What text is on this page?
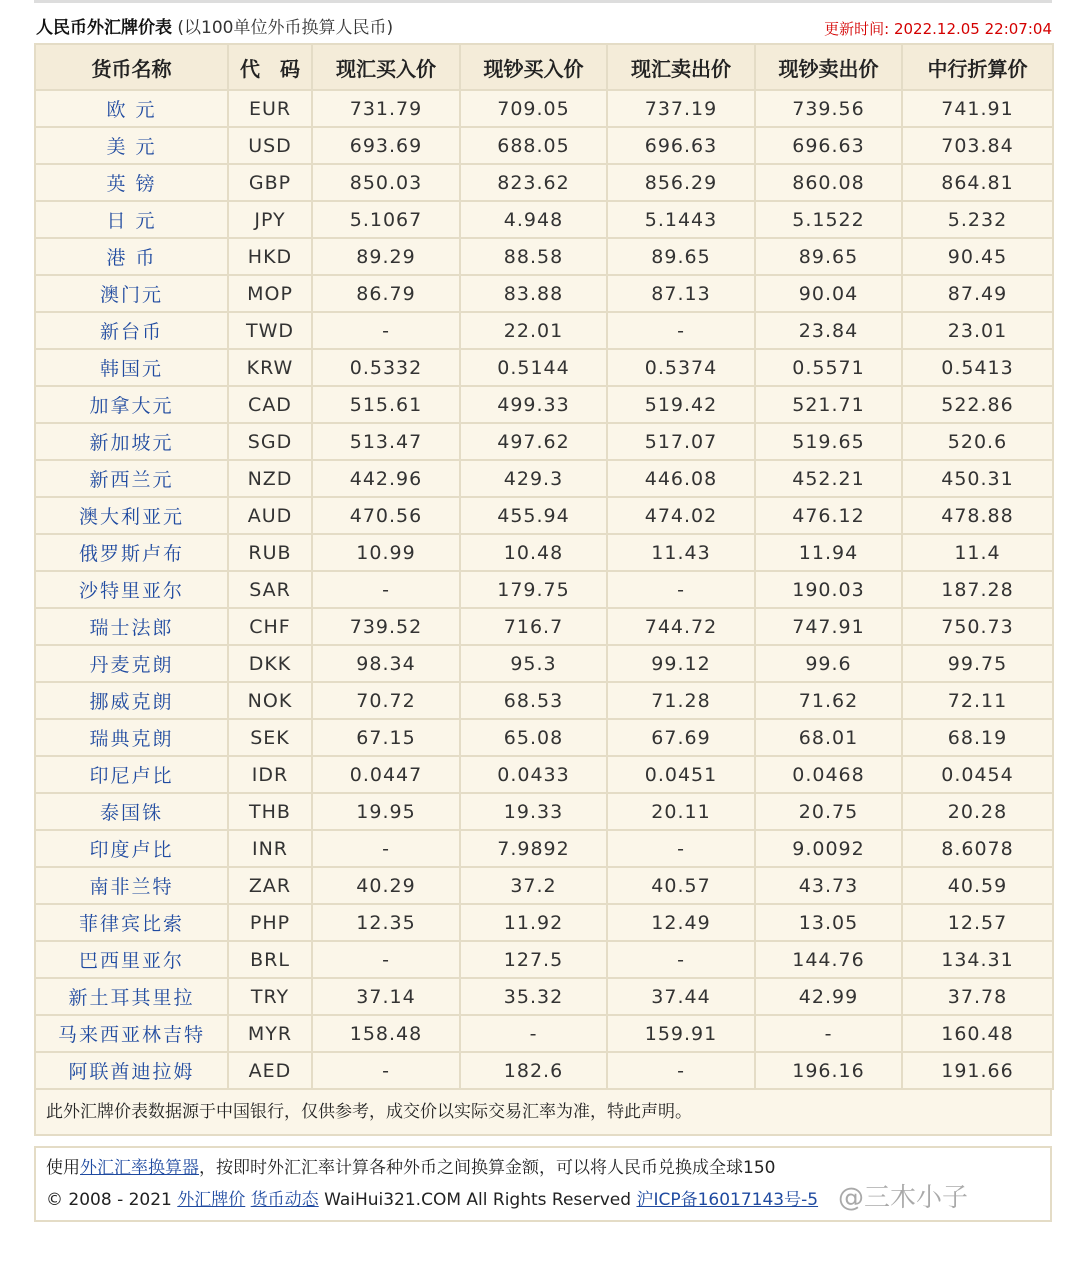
人民币外汇牌价表 (以100单位外币换算人民币)	更新时间: 2022.12.05 22:07:04
货币名称	代　码	现汇买入价	现钞买入价	现汇卖出价	现钞卖出价	中行折算价
欧 元	EUR	731.79	709.05	737.19	739.56	741.91
美 元	USD	693.69	688.05	696.63	696.63	703.84
英 镑	GBP	850.03	823.62	856.29	860.08	864.81
日 元	JPY	5.1067	4.948	5.1443	5.1522	5.232
港 币	HKD	89.29	88.58	89.65	89.65	90.45
澳门元	MOP	86.79	83.88	87.13	90.04	87.49
新台币	TWD	-	22.01	-	23.84	23.01
韩国元	KRW	0.5332	0.5144	0.5374	0.5571	0.5413
加拿大元	CAD	515.61	499.33	519.42	521.71	522.86
新加坡元	SGD	513.47	497.62	517.07	519.65	520.6
新西兰元	NZD	442.96	429.3	446.08	452.21	450.31
澳大利亚元	AUD	470.56	455.94	474.02	476.12	478.88
俄罗斯卢布	RUB	10.99	10.48	11.43	11.94	11.4
沙特里亚尔	SAR	-	179.75	-	190.03	187.28
瑞士法郎	CHF	739.52	716.7	744.72	747.91	750.73
丹麦克朗	DKK	98.34	95.3	99.12	99.6	99.75
挪威克朗	NOK	70.72	68.53	71.28	71.62	72.11
瑞典克朗	SEK	67.15	65.08	67.69	68.01	68.19
印尼卢比	IDR	0.0447	0.0433	0.0451	0.0468	0.0454
泰国铢	THB	19.95	19.33	20.11	20.75	20.28
印度卢比	INR	-	7.9892	-	9.0092	8.6078
南非兰特	ZAR	40.29	37.2	40.57	43.73	40.59
菲律宾比索	PHP	12.35	11.92	12.49	13.05	12.57
巴西里亚尔	BRL	-	127.5	-	144.76	134.31
新土耳其里拉	TRY	37.14	35.32	37.44	42.99	37.78
马来西亚林吉特	MYR	158.48	-	159.91	-	160.48
阿联酋迪拉姆	AED	-	182.6	-	196.16	191.66
此外汇牌价表数据源于中国银行，仅供参考，成交价以实际交易汇率为准，特此声明。
使用外汇汇率换算器，按即时外汇汇率计算各种外币之间换算金额，可以将人民币兑换成全球150
© 2008 - 2021 外汇牌价 货币动态 WaiHui321.COM All Rights Reserved 沪ICP备16017143号-5 @三木小子
